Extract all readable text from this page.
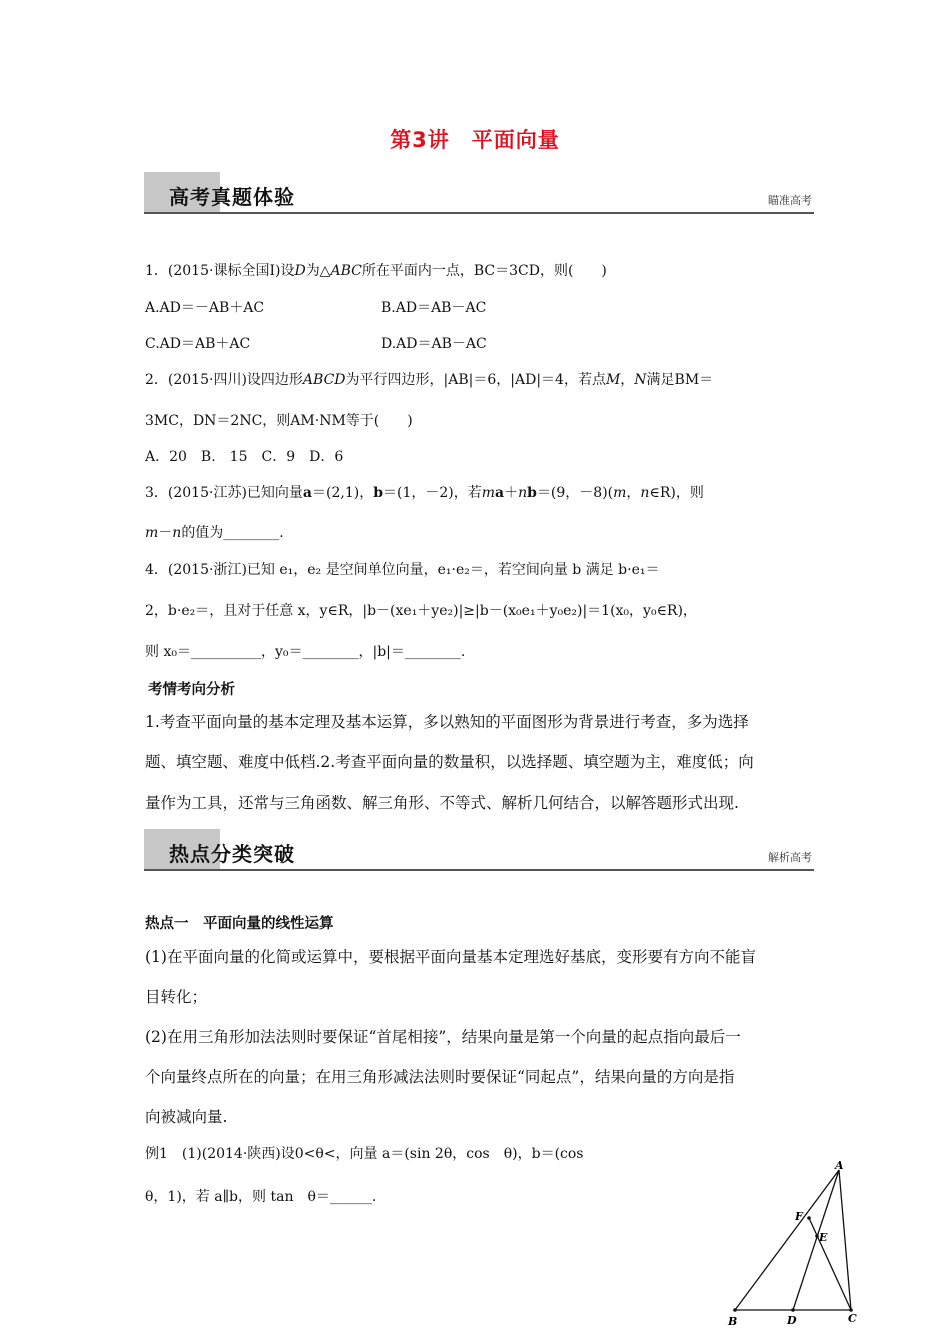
第3讲　平面向量
高考真题体验	瞄准高考
1．(2015·课标全国Ⅰ)设D为△ABC所在平面内一点，BC＝3CD，则(　　)
A.AD＝－AB＋AC	B.AD＝AB－AC
C.AD＝AB＋AC	D.AD＝AB－AC
2．(2015·四川)设四边形ABCD为平行四边形，|AB|＝6，|AD|＝4，若点M，N满足BM＝
3MC，DN＝2NC，则AM·NM等于(　　)
A．20　B.　15　C．9　D．6
3．(2015·江苏)已知向量a＝(2,1)，b＝(1，－2)，若ma＋nb＝(9，－8)(m，n∈R)，则
m－n的值为________.
4．(2015·浙江)已知 e₁，e₂ 是空间单位向量，e₁·e₂＝，若空间向量 b 满足 b·e₁＝
2，b·e₂＝，且对于任意 x，y∈R，|b－(xe₁＋ye₂)|≥|b－(x₀e₁＋y₀e₂)|＝1(x₀，y₀∈R)，
则 x₀＝__________，y₀＝________，|b|＝________.
考情考向分析
1.考查平面向量的基本定理及基本运算，多以熟知的平面图形为背景进行考查，多为选择
题、填空题、难度中低档.2.考查平面向量的数量积，以选择题、填空题为主，难度低；向
量作为工具，还常与三角函数、解三角形、不等式、解析几何结合，以解答题形式出现.
热点分类突破	解析高考
热点一　平面向量的线性运算
(1)在平面向量的化简或运算中，要根据平面向量基本定理选好基底，变形要有方向不能盲
目转化；
(2)在用三角形加法法则时要保证“首尾相接”，结果向量是第一个向量的起点指向最后一
个向量终点所在的向量；在用三角形减法法则时要保证“同起点”，结果向量的方向是指
向被减向量.
例1　(1)(2014·陕西)设0<θ<，向量 a＝(sin 2θ，cos　θ)，b＝(cos
θ，1)，若 a∥b，则 tan　θ＝______.
A
B	C
D
E
F
